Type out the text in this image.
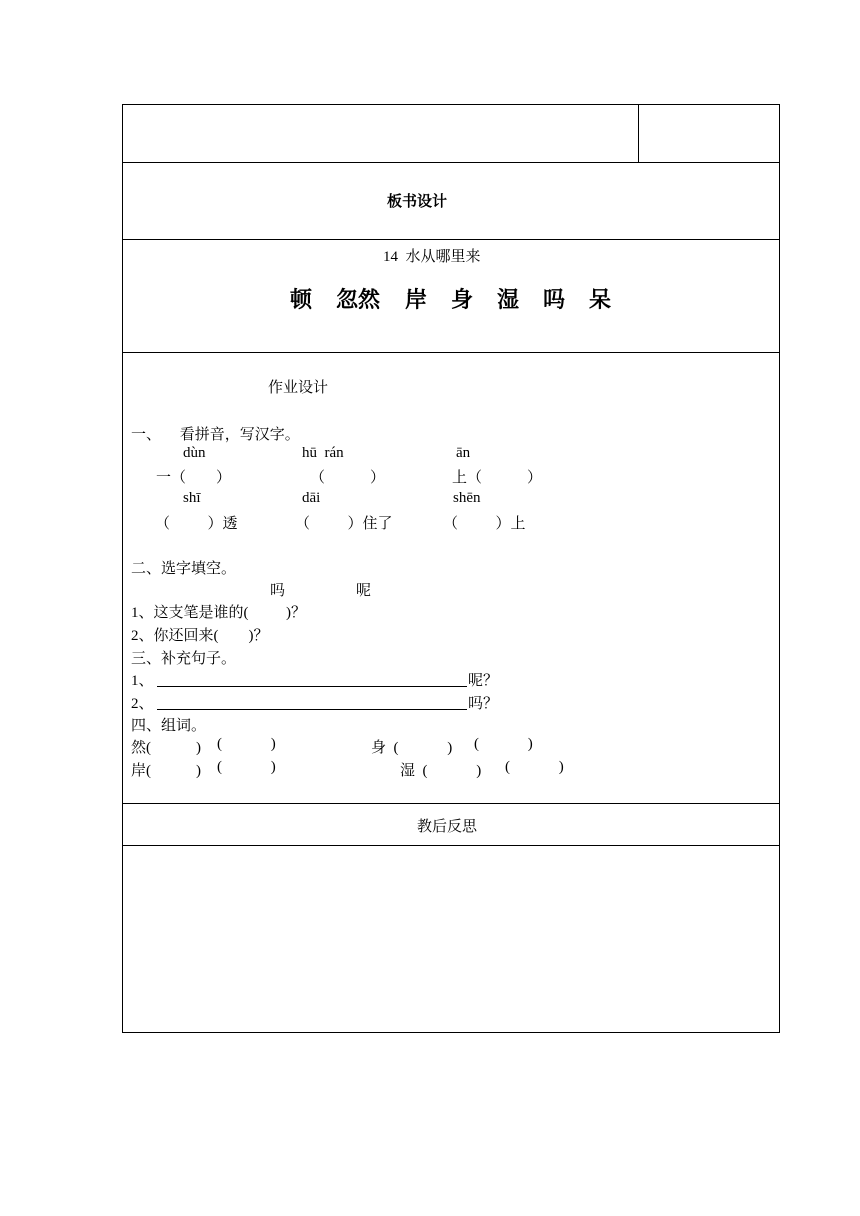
板书设计
14  水从哪里来
顿 忽然 岸 身 湿 吗 呆
作业设计
一、     看拼音，写汉字。
dùn	hū  rán	ān
一（        ）	（            ）	上（            ）
shī	dāi	shēn
（          ）透	（          ）住了	（          ）上
二、选字填空。
吗	呢
1、这支笔是谁的(          )？
2、你还回来(        )？
三、补充句子。
1、	呢？
2、	吗？
四、组词。
然(            ) (             )	身  (             ) (             )
岸(            ) (             )	湿  (             ) (             )
教后反思
